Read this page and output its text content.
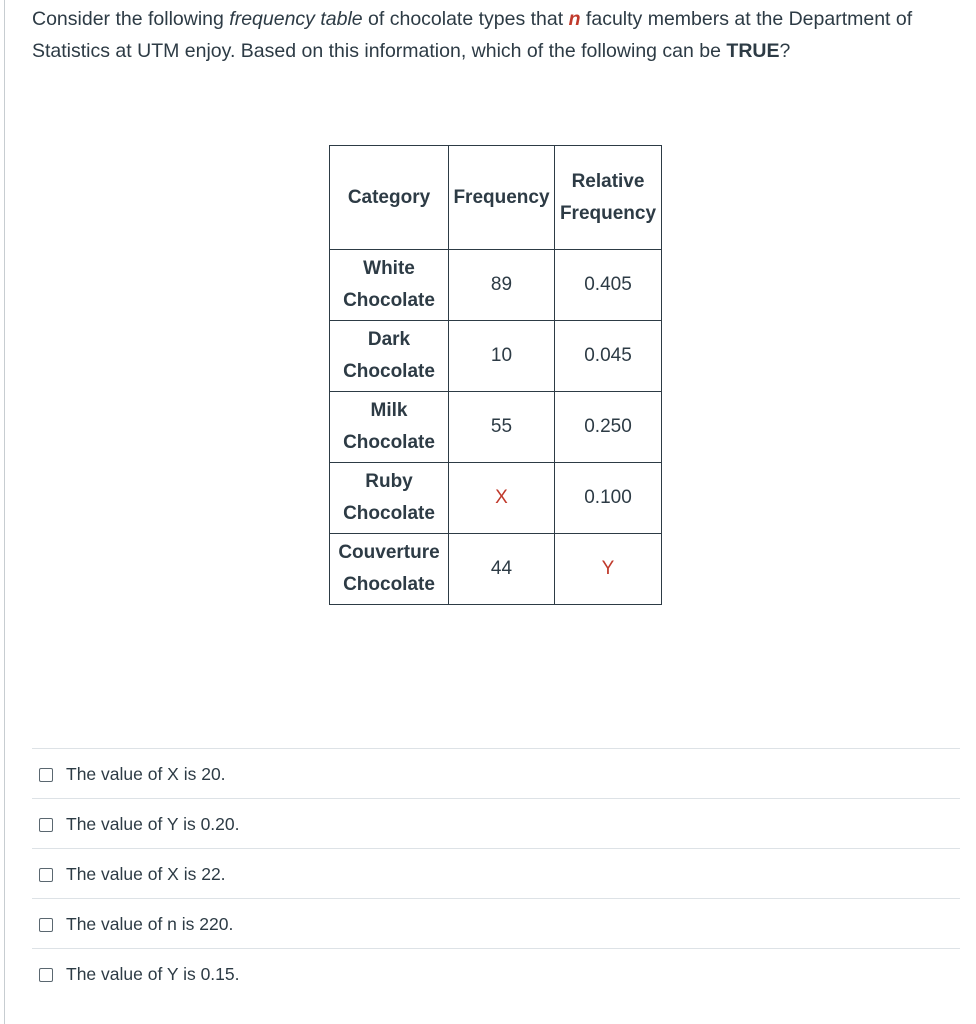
Consider the following frequency table of chocolate types that n faculty members at the Department of Statistics at UTM enjoy. Based on this information, which of the following can be TRUE?
Category	Frequency	Relative
Frequency

White
Chocolate	89	0.405

Dark
Chocolate	10	0.045

Milk
Chocolate	55	0.250

Ruby
Chocolate	X	0.100

Couverture
Chocolate	44	Y
The value of X is 20.
The value of Y is 0.20.
The value of X is 22.
The value of n is 220.
The value of Y is 0.15.
